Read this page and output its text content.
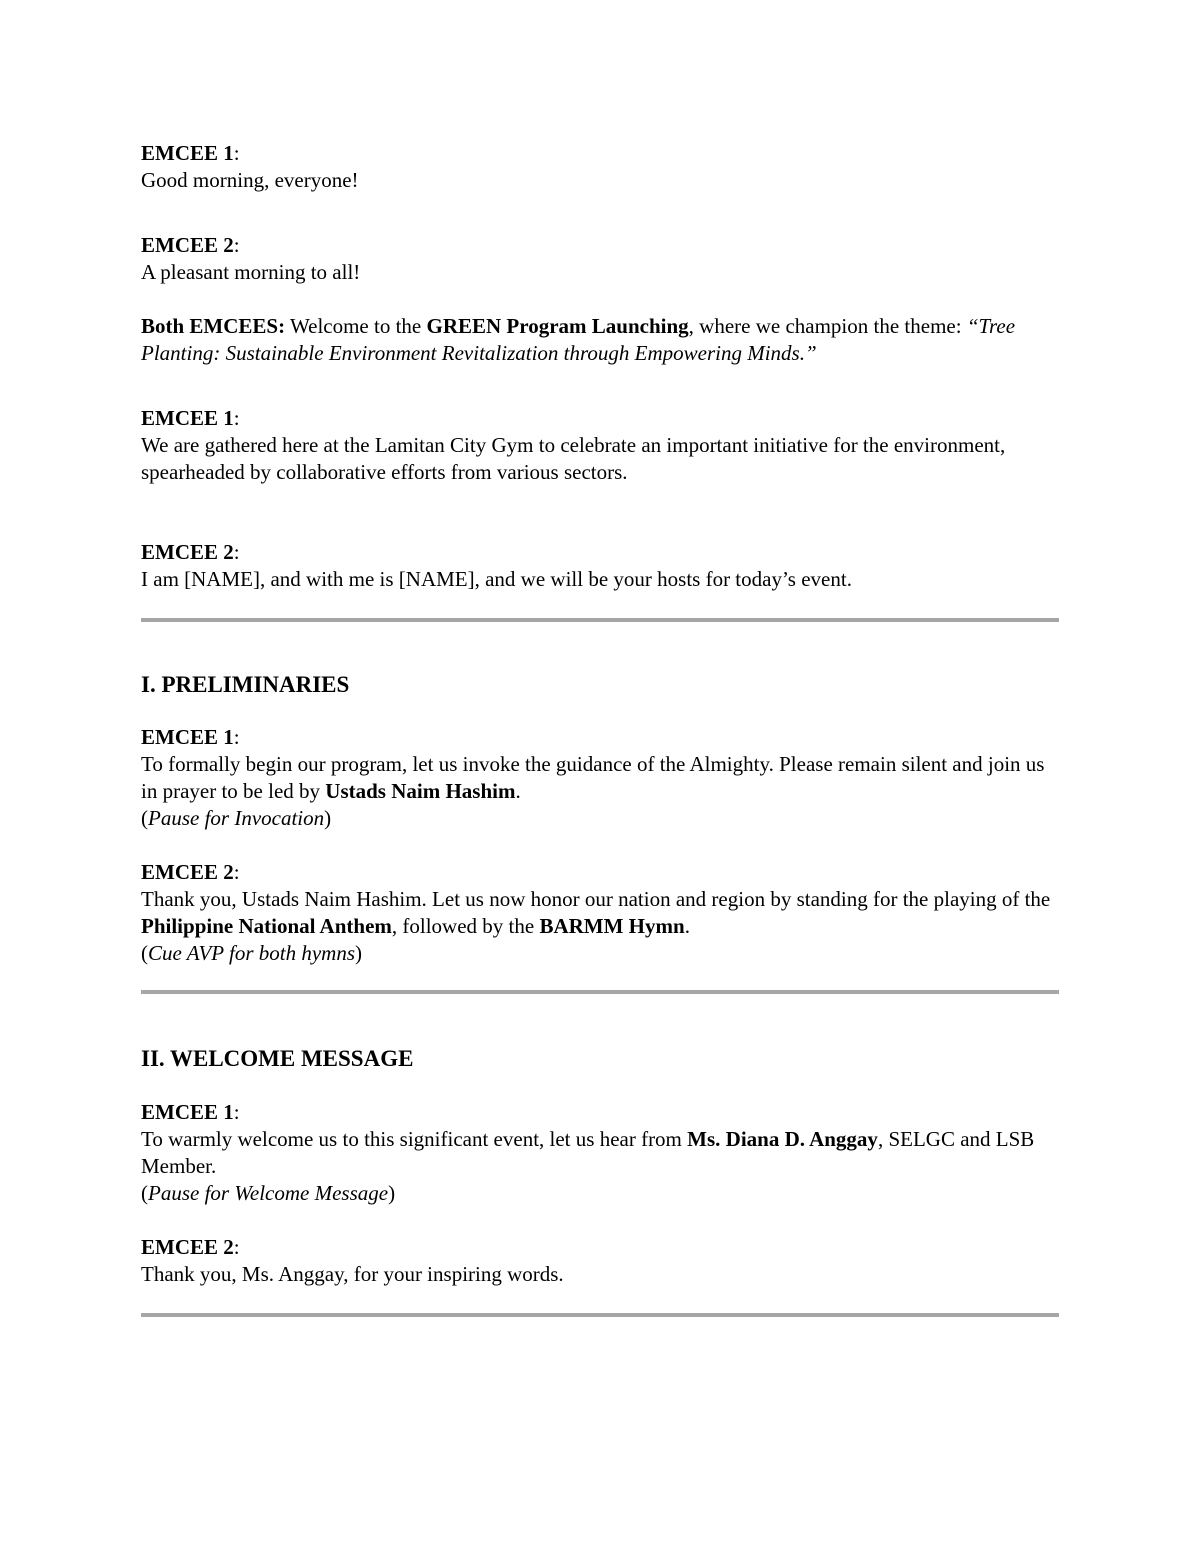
EMCEE 1:
Good morning, everyone!

EMCEE 2:
A pleasant morning to all!

Both EMCEES: Welcome to the GREEN Program Launching, where we champion the theme: “Tree Planting: Sustainable Environment Revitalization through Empowering Minds.”

EMCEE 1:
We are gathered here at the Lamitan City Gym to celebrate an important initiative for the environment, spearheaded by collaborative efforts from various sectors.

EMCEE 2:
I am [NAME], and with me is [NAME], and we will be your hosts for today’s event.

I. PRELIMINARIES

EMCEE 1:
To formally begin our program, let us invoke the guidance of the Almighty. Please remain silent and join us in prayer to be led by Ustads Naim Hashim.
(Pause for Invocation)

EMCEE 2:
Thank you, Ustads Naim Hashim. Let us now honor our nation and region by standing for the playing of the Philippine National Anthem, followed by the BARMM Hymn.
(Cue AVP for both hymns)

II. WELCOME MESSAGE

EMCEE 1:
To warmly welcome us to this significant event, let us hear from Ms. Diana D. Anggay, SELGC and LSB Member.
(Pause for Welcome Message)

EMCEE 2:
Thank you, Ms. Anggay, for your inspiring words.
